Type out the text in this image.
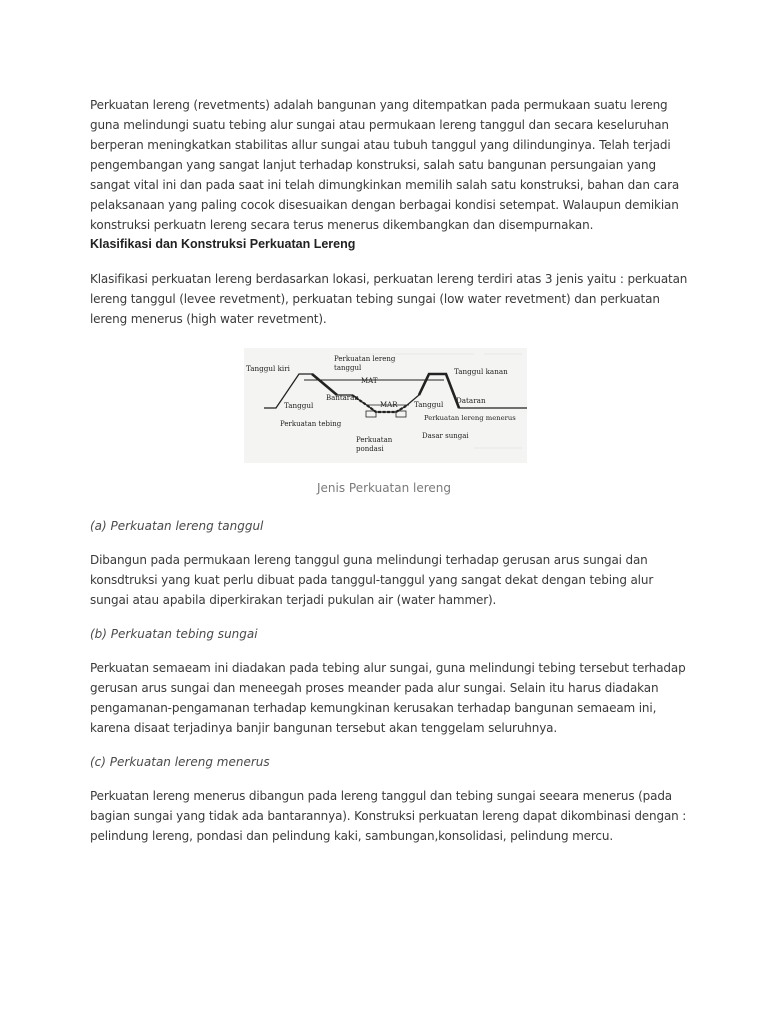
Perkuatan lereng (revetments) adalah bangunan yang ditempatkan pada permukaan suatu lereng guna melindungi suatu tebing alur sungai atau permukaan lereng tanggul dan secara keseluruhan berperan meningkatkan stabilitas allur sungai atau tubuh tanggul yang dilindunginya. Telah terjadi pengembangan yang sangat lanjut terhadap konstruksi, salah satu bangunan persungaian yang sangat vital ini dan pada saat ini telah dimungkinkan memilih salah satu konstruksi, bahan dan cara pelaksanaan yang paling cocok disesuaikan dengan berbagai kondisi setempat. Walaupun demikian konstruksi perkuatn lereng secara terus menerus dikembangkan dan disempurnakan.

Klasifikasi dan Konstruksi Perkuatan Lereng

Klasifikasi perkuatan lereng berdasarkan lokasi, perkuatan lereng terdiri atas 3 jenis yaitu : perkuatan lereng tanggul (levee revetment), perkuatan tebing sungai (low water revetment) dan perkuatan lereng menerus (high water revetment).

Tanggul kiri
Perkuatan lereng
tanggul
MAT
Tanggul kanan
Bantaran
MAR
Tanggul	Tanggul Dataran
Perkuatan lereng menerus
Perkuatan tebing
Dasar sungai
Perkuatan
pondasi

Jenis Perkuatan lereng

(a) Perkuatan lereng tanggul

Dibangun pada permukaan lereng tanggul guna melindungi terhadap gerusan arus sungai dan konsdtruksi yang kuat perlu dibuat pada tanggul-tanggul yang sangat dekat dengan tebing alur sungai atau apabila diperkirakan terjadi pukulan air (water hammer).

(b) Perkuatan tebing sungai

Perkuatan semaeam ini diadakan pada tebing alur sungai, guna melindungi tebing tersebut terhadap gerusan arus sungai dan meneegah proses meander pada alur sungai. Selain itu harus diadakan pengamanan-pengamanan terhadap kemungkinan kerusakan terhadap bangunan semaeam ini, karena disaat terjadinya banjir bangunan tersebut akan tenggelam seluruhnya.

(c) Perkuatan lereng menerus

Perkuatan lereng menerus dibangun pada lereng tanggul dan tebing sungai seeara menerus (pada bagian sungai yang tidak ada bantarannya). Konstruksi perkuatan lereng dapat dikombinasi dengan : pelindung lereng, pondasi dan pelindung kaki, sambungan,konsolidasi, pelindung mercu.
